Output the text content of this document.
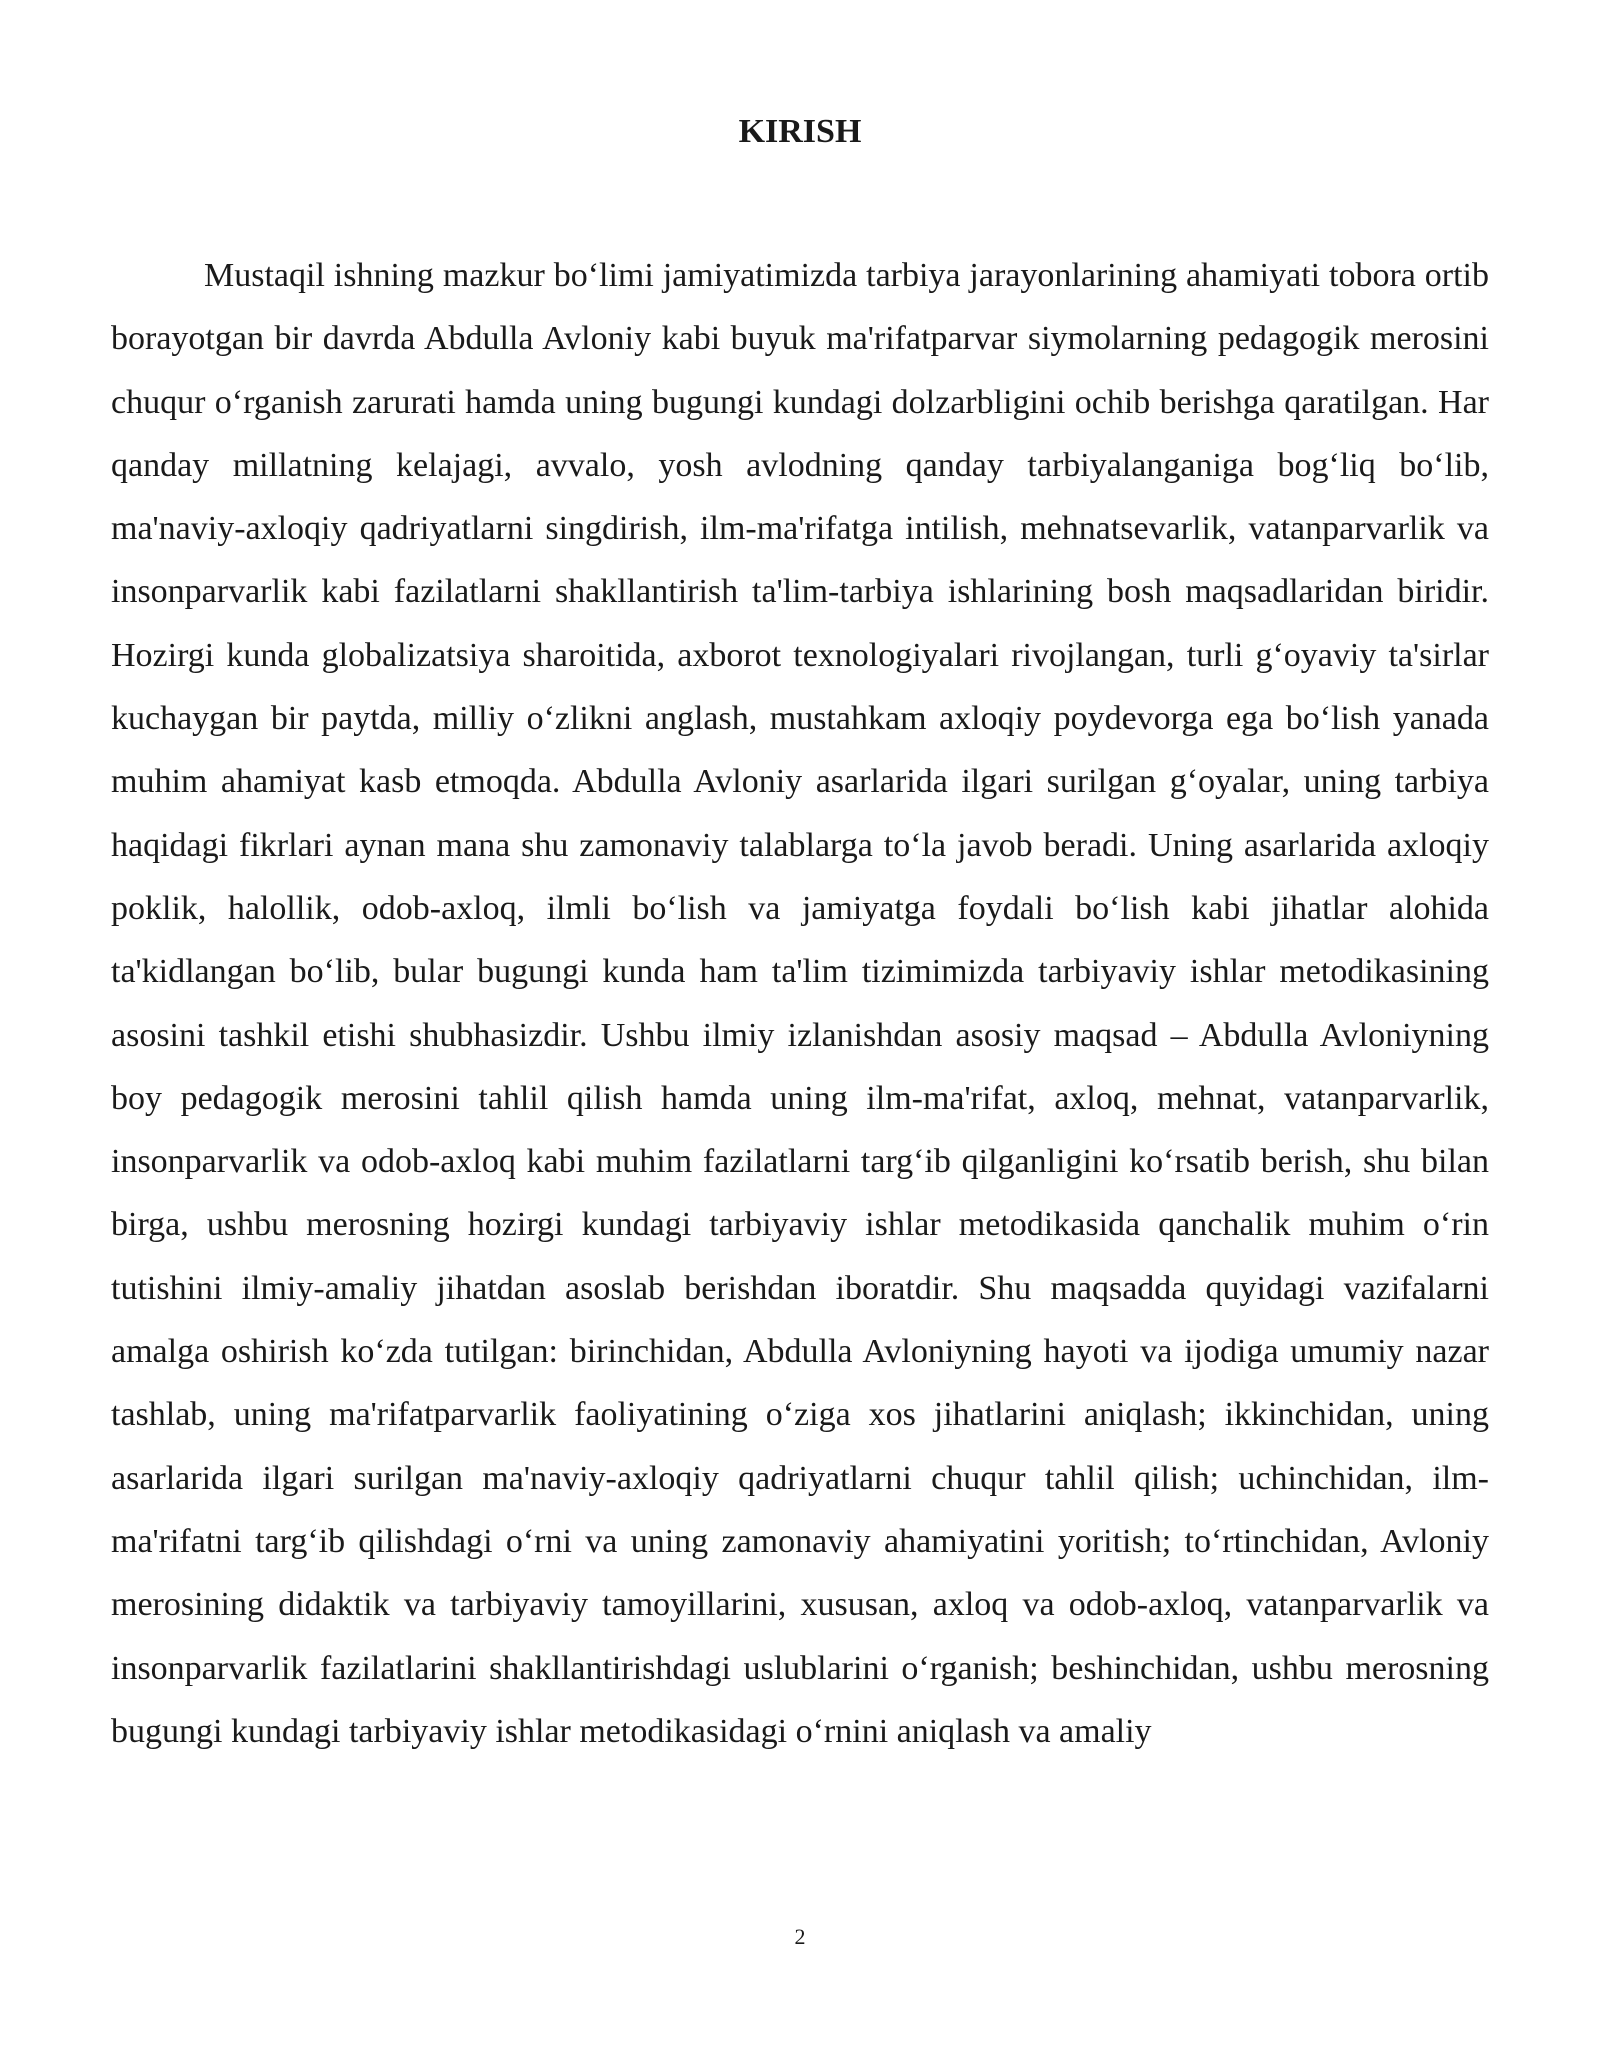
KIRISH

Mustaqil ishning mazkur bo‘limi jamiyatimizda tarbiya jarayonlarining ahamiyati tobora ortib borayotgan bir davrda Abdulla Avloniy kabi buyuk ma'rifatparvar siymolarning pedagogik merosini chuqur o‘rganish zarurati hamda uning bugungi kundagi dolzarbligini ochib berishga qaratilgan. Har qanday millatning kelajagi, avvalo, yosh avlodning qanday tarbiyalanganiga bog‘liq bo‘lib, ma'naviy-axloqiy qadriyatlarni singdirish, ilm-ma'rifatga intilish, mehnatsevarlik, vatanparvarlik va insonparvarlik kabi fazilatlarni shakllantirish ta'lim-tarbiya ishlarining bosh maqsadlaridan biridir. Hozirgi kunda globalizatsiya sharoitida, axborot texnologiyalari rivojlangan, turli g‘oyaviy ta'sirlar kuchaygan bir paytda, milliy o‘zlikni anglash, mustahkam axloqiy poydevorga ega bo‘lish yanada muhim ahamiyat kasb etmoqda. Abdulla Avloniy asarlarida ilgari surilgan g‘oyalar, uning tarbiya haqidagi fikrlari aynan mana shu zamonaviy talablarga to‘la javob beradi. Uning asarlarida axloqiy poklik, halollik, odob-axloq, ilmli bo‘lish va jamiyatga foydali bo‘lish kabi jihatlar alohida ta'kidlangan bo‘lib, bular bugungi kunda ham ta'lim tizimimizda tarbiyaviy ishlar metodikasining asosini tashkil etishi shubhasizdir. Ushbu ilmiy izlanishdan asosiy maqsad – Abdulla Avloniyning boy pedagogik merosini tahlil qilish hamda uning ilm-ma'rifat, axloq, mehnat, vatanparvarlik, insonparvarlik va odob-axloq kabi muhim fazilatlarni targ‘ib qilganligini ko‘rsatib berish, shu bilan birga, ushbu merosning hozirgi kundagi tarbiyaviy ishlar metodikasida qanchalik muhim o‘rin tutishini ilmiy-amaliy jihatdan asoslab berishdan iboratdir. Shu maqsadda quyidagi vazifalarni amalga oshirish ko‘zda tutilgan: birinchidan, Abdulla Avloniyning hayoti va ijodiga umumiy nazar tashlab, uning ma'rifatparvarlik faoliyatining o‘ziga xos jihatlarini aniqlash; ikkinchidan, uning asarlarida ilgari surilgan ma'naviy-axloqiy qadriyatlarni chuqur tahlil qilish; uchinchidan, ilm-ma'rifatni targ‘ib qilishdagi o‘rni va uning zamonaviy ahamiyatini yoritish; to‘rtinchidan, Avloniy merosining didaktik va tarbiyaviy tamoyillarini, xususan, axloq va odob-axloq, vatanparvarlik va insonparvarlik fazilatlarini shakllantirishdagi uslublarini o‘rganish; beshinchidan, ushbu merosning bugungi kundagi tarbiyaviy ishlar metodikasidagi o‘rnini aniqlash va amaliy

2
